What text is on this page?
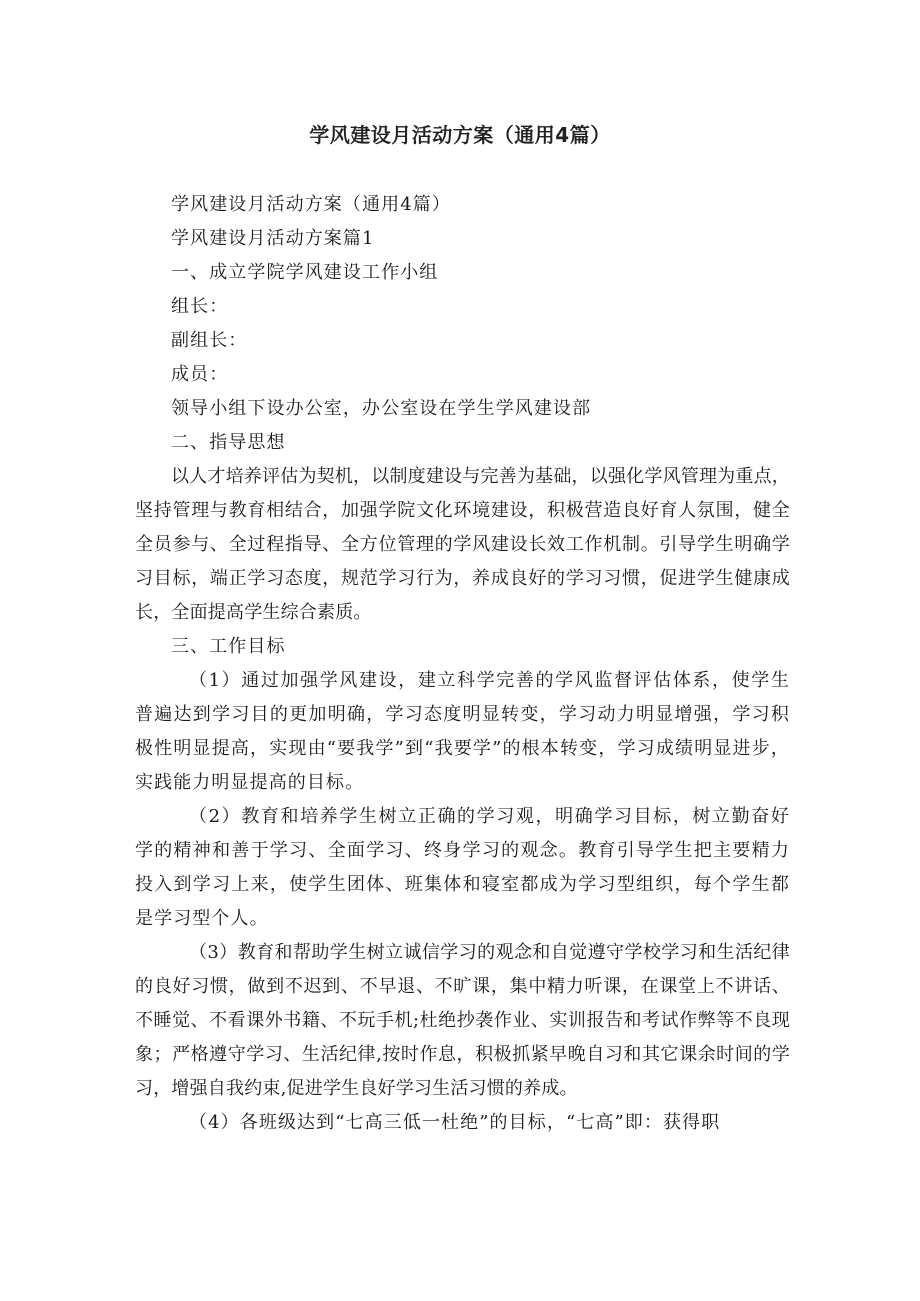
学风建设月活动方案（通用4篇）

学风建设月活动方案（通用4篇）

学风建设月活动方案篇1

一、成立学院学风建设工作小组

组长：

副组长：

成员：

领导小组下设办公室，办公室设在学生学风建设部

二、指导思想

以人才培养评估为契机，以制度建设与完善为基础，以强化学风管理为重点，坚持管理与教育相结合，加强学院文化环境建设，积极营造良好育人氛围，健全全员参与、全过程指导、全方位管理的学风建设长效工作机制。引导学生明确学习目标，端正学习态度，规范学习行为，养成良好的学习习惯，促进学生健康成长，全面提高学生综合素质。

三、工作目标

（1）通过加强学风建设，建立科学完善的学风监督评估体系，使学生普遍达到学习目的更加明确，学习态度明显转变，学习动力明显增强，学习积极性明显提高，实现由“要我学”到“我要学”的根本转变，学习成绩明显进步，实践能力明显提高的目标。

（2）教育和培养学生树立正确的学习观，明确学习目标，树立勤奋好学的精神和善于学习、全面学习、终身学习的观念。教育引导学生把主要精力投入到学习上来，使学生团体、班集体和寝室都成为学习型组织，每个学生都是学习型个人。

（3）教育和帮助学生树立诚信学习的观念和自觉遵守学校学习和生活纪律的良好习惯，做到不迟到、不早退、不旷课，集中精力听课，在课堂上不讲话、不睡觉、不看课外书籍、不玩手机;杜绝抄袭作业、实训报告和考试作弊等不良现象；严格遵守学习、生活纪律,按时作息，积极抓紧早晚自习和其它课余时间的学习，增强自我约束,促进学生良好学习生活习惯的养成。

（4）各班级达到“七高三低一杜绝”的目标，“七高”即：获得职
